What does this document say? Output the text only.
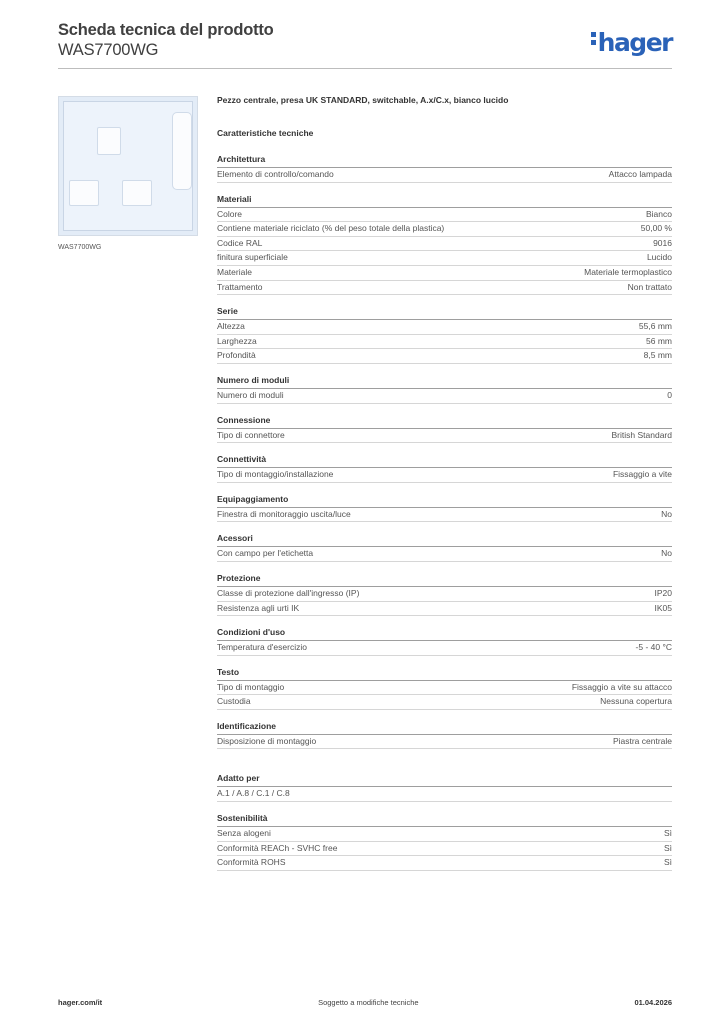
Scheda tecnica del prodotto
WAS7700WG	hager
WAS7700WG
Pezzo centrale, presa UK STANDARD, switchable, A.x/C.x, bianco lucido
Caratteristiche tecniche
Architettura
Elemento di controllo/comando	Attacco lampada
Materiali
Colore	Bianco
Contiene materiale riciclato (% del peso totale della plastica)	50,00 %
Codice RAL	9016
finitura superficiale	Lucido
Materiale	Materiale termoplastico
Trattamento	Non trattato
Serie
Altezza	55,6 mm
Larghezza	56 mm
Profondità	8,5 mm
Numero di moduli
Numero di moduli	0
Connessione
Tipo di connettore	British Standard
Connettività
Tipo di montaggio/installazione	Fissaggio a vite
Equipaggiamento
Finestra di monitoraggio uscita/luce	No
Acessori
Con campo per l'etichetta	No
Protezione
Classe di protezione dall'ingresso (IP)	IP20
Resistenza agli urti IK	IK05
Condizioni d'uso
Temperatura d'esercizio	-5 - 40 °C
Testo
Tipo di montaggio	Fissaggio a vite su attacco
Custodia	Nessuna copertura
Identificazione
Disposizione di montaggio	Piastra centrale
Adatto per
A.1 / A.8 / C.1 / C.8
Sostenibilità
Senza alogeni	Sì
Conformità REACh - SVHC free	Sì
Conformità ROHS	Sì
hager.com/it	Soggetto a modifiche tecniche	01.04.2026
